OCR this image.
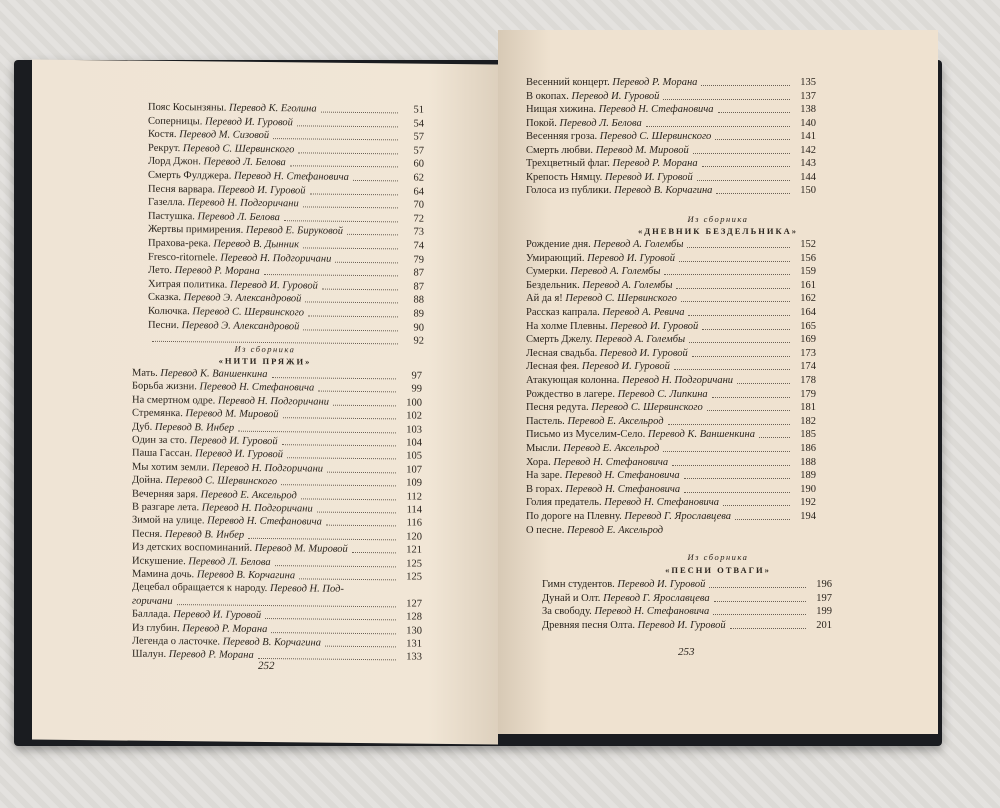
Пояс Косынзяны. Перевод К. Еголина	51
Соперницы. Перевод И. Гуровой	54
Костя. Перевод М. Сизовой	57
Рекрут. Перевод С. Шервинского	57
Лорд Джон. Перевод Л. Белова	60
Смерть Фулджера. Перевод Н. Стефановича	62
Песня варвара. Перевод И. Гуровой	64
Газелла. Перевод Н. Подгоричани	70
Пастушка. Перевод Л. Белова	72
Жертвы примирения. Перевод Е. Бируковой	73
Прахова-река. Перевод В. Дынник	74
Fresco-ritornele. Перевод Н. Подгоричани	79
Лето. Перевод Р. Морана	87
Хитрая политика. Перевод И. Гуровой	87
Сказка. Перевод Э. Александровой	88
Колючка. Перевод С. Шервинского	89
Песни. Перевод Э. Александровой	90
92
Из сборника
«НИТИ ПРЯЖИ»
Мать. Перевод К. Ваншенкина	97
Борьба жизни. Перевод Н. Стефановича	99
На смертном одре. Перевод Н. Подгоричани	100
Стремянка. Перевод М. Мировой	102
Дуб. Перевод В. Инбер	103
Один за сто. Перевод И. Гуровой	104
Паша Гассан. Перевод И. Гуровой	105
Мы хотим земли. Перевод Н. Подгоричани	107
Дойна. Перевод С. Шервинского	109
Вечерняя заря. Перевод Е. Аксельрод	112
В разгаре лета. Перевод Н. Подгоричани	114
Зимой на улице. Перевод Н. Стефановича	116
Песня. Перевод В. Инбер	120
Из детских воспоминаний. Перевод М. Мировой	121
Искушение. Перевод Л. Белова	125
Мамина дочь. Перевод В. Корчагина	125
Децебал обращается к народу. Перевод Н. Под-
горичани	127
Баллада. Перевод И. Гуровой	128
Из глубин. Перевод Р. Морана	130
Легенда о ласточке. Перевод В. Корчагина	131
Шалун. Перевод Р. Морана	133
252
Весенний концерт. Перевод Р. Морана	135
В окопах. Перевод И. Гуровой	137
Нищая хижина. Перевод Н. Стефановича	138
Покой. Перевод Л. Белова	140
Весенняя гроза. Перевод С. Шервинского	141
Смерть любви. Перевод М. Мировой	142
Трехцветный флаг. Перевод Р. Морана	143
Крепость Нямцу. Перевод И. Гуровой	144
Голоса из публики. Перевод В. Корчагина	150
Из сборника
«ДНЕВНИК БЕЗДЕЛЬНИКА»
Рождение дня. Перевод А. Голембы	152
Умирающий. Перевод И. Гуровой	156
Сумерки. Перевод А. Голембы	159
Бездельник. Перевод А. Голембы	161
Ай да я! Перевод С. Шервинского	162
Рассказ капрала. Перевод А. Ревича	164
На холме Плевны. Перевод И. Гуровой	165
Смерть Джелу. Перевод А. Голембы	169
Лесная свадьба. Перевод И. Гуровой	173
Лесная фея. Перевод И. Гуровой	174
Атакующая колонна. Перевод Н. Подгоричани	178
Рождество в лагере. Перевод С. Липкина	179
Песня редута. Перевод С. Шервинского	181
Пастель. Перевод Е. Аксельрод	182
Письмо из Муселим-Село. Перевод К. Ваншенкина	185
Мысли. Перевод Е. Аксельрод	186
Хора. Перевод Н. Стефановича	188
На заре. Перевод Н. Стефановича	189
В горах. Перевод Н. Стефановича	190
Голия предатель. Перевод Н. Стефановича	192
По дороге на Плевну. Перевод Г. Ярославцева	194
О песне. Перевод Е. Аксельрод
Из сборника
«ПЕСНИ ОТВАГИ»
Гимн студентов. Перевод И. Гуровой	196
Дунай и Олт. Перевод Г. Ярославцева	197
За свободу. Перевод Н. Стефановича	199
Древняя песня Олта. Перевод И. Гуровой	201
253
